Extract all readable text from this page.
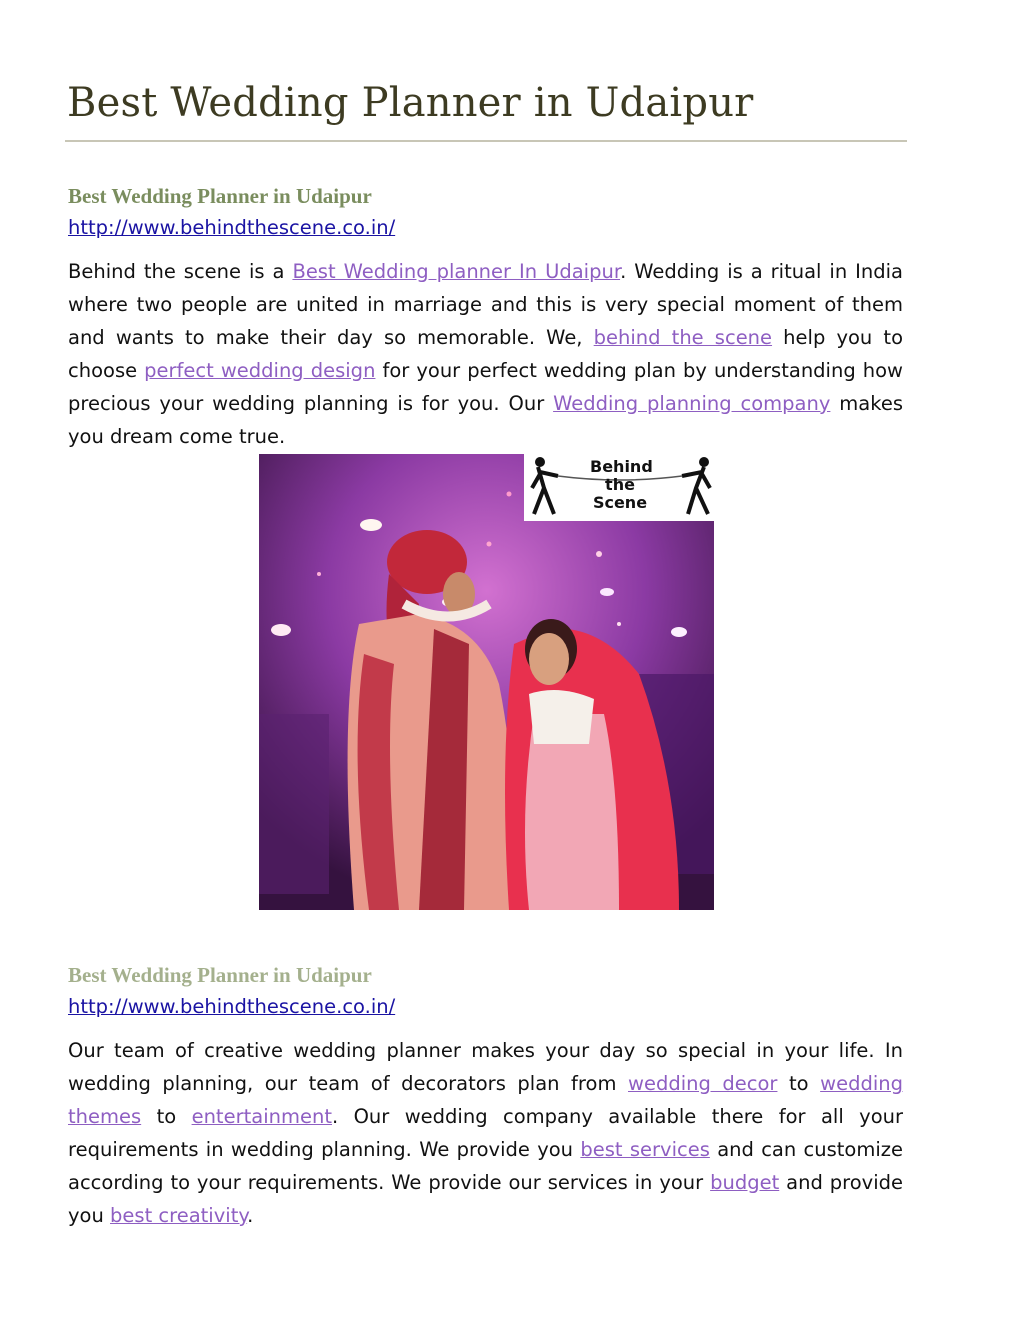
Best Wedding Planner in Udaipur
Best Wedding Planner in Udaipur
http://www.behindthescene.co.in/

Behind the scene is a Best Wedding planner In Udaipur. Wedding is a ritual in India where two people are united in marriage and this is very special moment of them and wants to make their day so memorable. We, behind the scene help you to choose perfect wedding design for your perfect wedding plan by understanding how precious your wedding planning is for you. Our Wedding planning company makes you dream come true.

Behind
the
Scene
Best Wedding Planner in Udaipur
http://www.behindthescene.co.in/

Our team of creative wedding planner makes your day so special in your life. In wedding planning, our team of decorators plan from wedding decor to wedding themes to entertainment. Our wedding company available there for all your requirements in wedding planning. We provide you best services and can customize according to your requirements. We provide our services in your budget and provide you best creativity.
